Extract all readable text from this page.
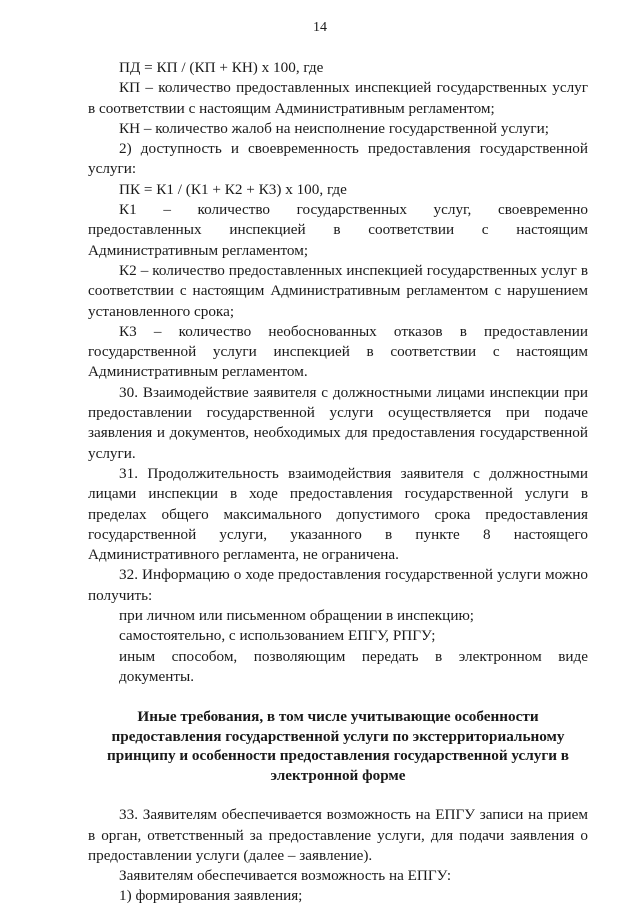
14

ПД = КП / (КП + КН) х 100, где

КП – количество предоставленных инспекцией государственных услуг в соответствии с настоящим Административным регламентом;

КН – количество жалоб на неисполнение государственной услуги;

2) доступность и своевременность предоставления государственной услуги:

ПК = К1 / (К1 + К2 + К3) х 100, где

К1 – количество государственных услуг, своевременно предоставленных инспекцией в соответствии с настоящим Административным регламентом;

К2 – количество предоставленных инспекцией государственных услуг в соответствии с настоящим Административным регламентом с нарушением установленного срока;

К3 – количество необоснованных отказов в предоставлении государственной услуги инспекцией в соответствии с настоящим Административным регламентом.

30. Взаимодействие заявителя с должностными лицами инспекции при предоставлении государственной услуги осуществляется при подаче заявления и документов, необходимых для предоставления государственной услуги.

31. Продолжительность взаимодействия заявителя с должностными лицами инспекции в ходе предоставления государственной услуги в пределах общего максимального допустимого срока предоставления государственной услуги, указанного в пункте 8 настоящего Административного регламента, не ограничена.

32. Информацию о ходе предоставления государственной услуги можно получить:

при личном или письменном обращении в инспекцию;

самостоятельно, с использованием ЕПГУ, РПГУ;

иным способом, позволяющим передать в электронном виде документы.

Иные требования, в том числе учитывающие особенности предоставления государственной услуги по экстерриториальному принципу и особенности предоставления государственной услуги в электронной форме

33. Заявителям обеспечивается возможность на ЕПГУ записи на прием в орган, ответственный за предоставление услуги, для подачи заявления о предоставлении услуги (далее – заявление).

Заявителям обеспечивается возможность на ЕПГУ:

1) формирования заявления;
